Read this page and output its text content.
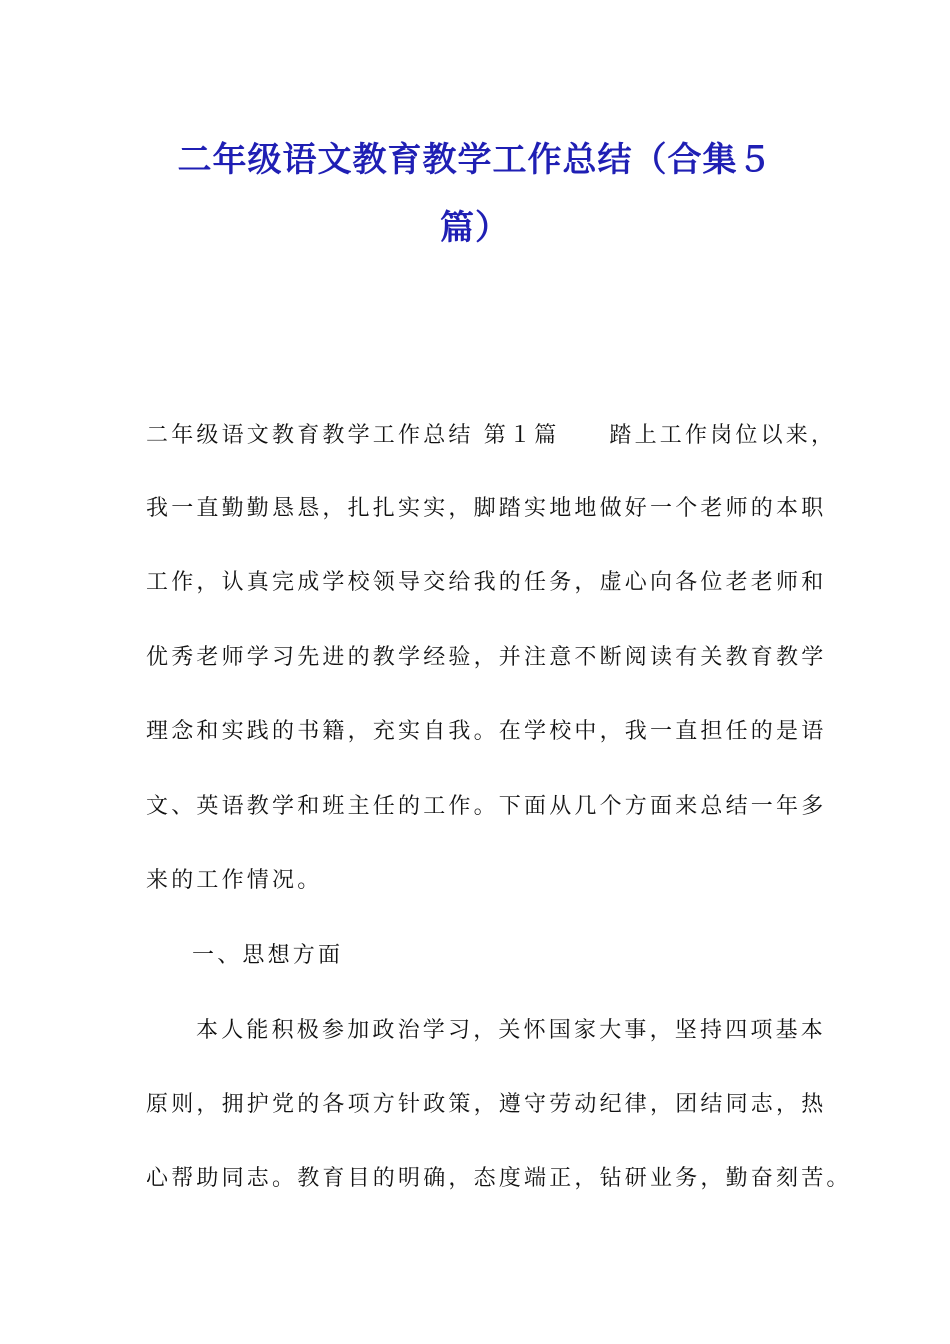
二年级语文教育教学工作总结（合集５
篇）
二年级语文教育教学工作总结 第１篇 踏上工作岗位以来，
我一直勤勤恳恳，扎扎实实，脚踏实地地做好一个老师的本职
工作，认真完成学校领导交给我的任务，虚心向各位老老师和
优秀老师学习先进的教学经验，并注意不断阅读有关教育教学
理念和实践的书籍，充实自我。在学校中，我一直担任的是语
文、英语教学和班主任的工作。下面从几个方面来总结一年多
来的工作情况。
一、思想方面
本人能积极参加政治学习，关怀国家大事，坚持四项基本
原则，拥护党的各项方针政策，遵守劳动纪律，团结同志，热
心帮助同志。教育目的明确，态度端正，钻研业务，勤奋刻苦。
